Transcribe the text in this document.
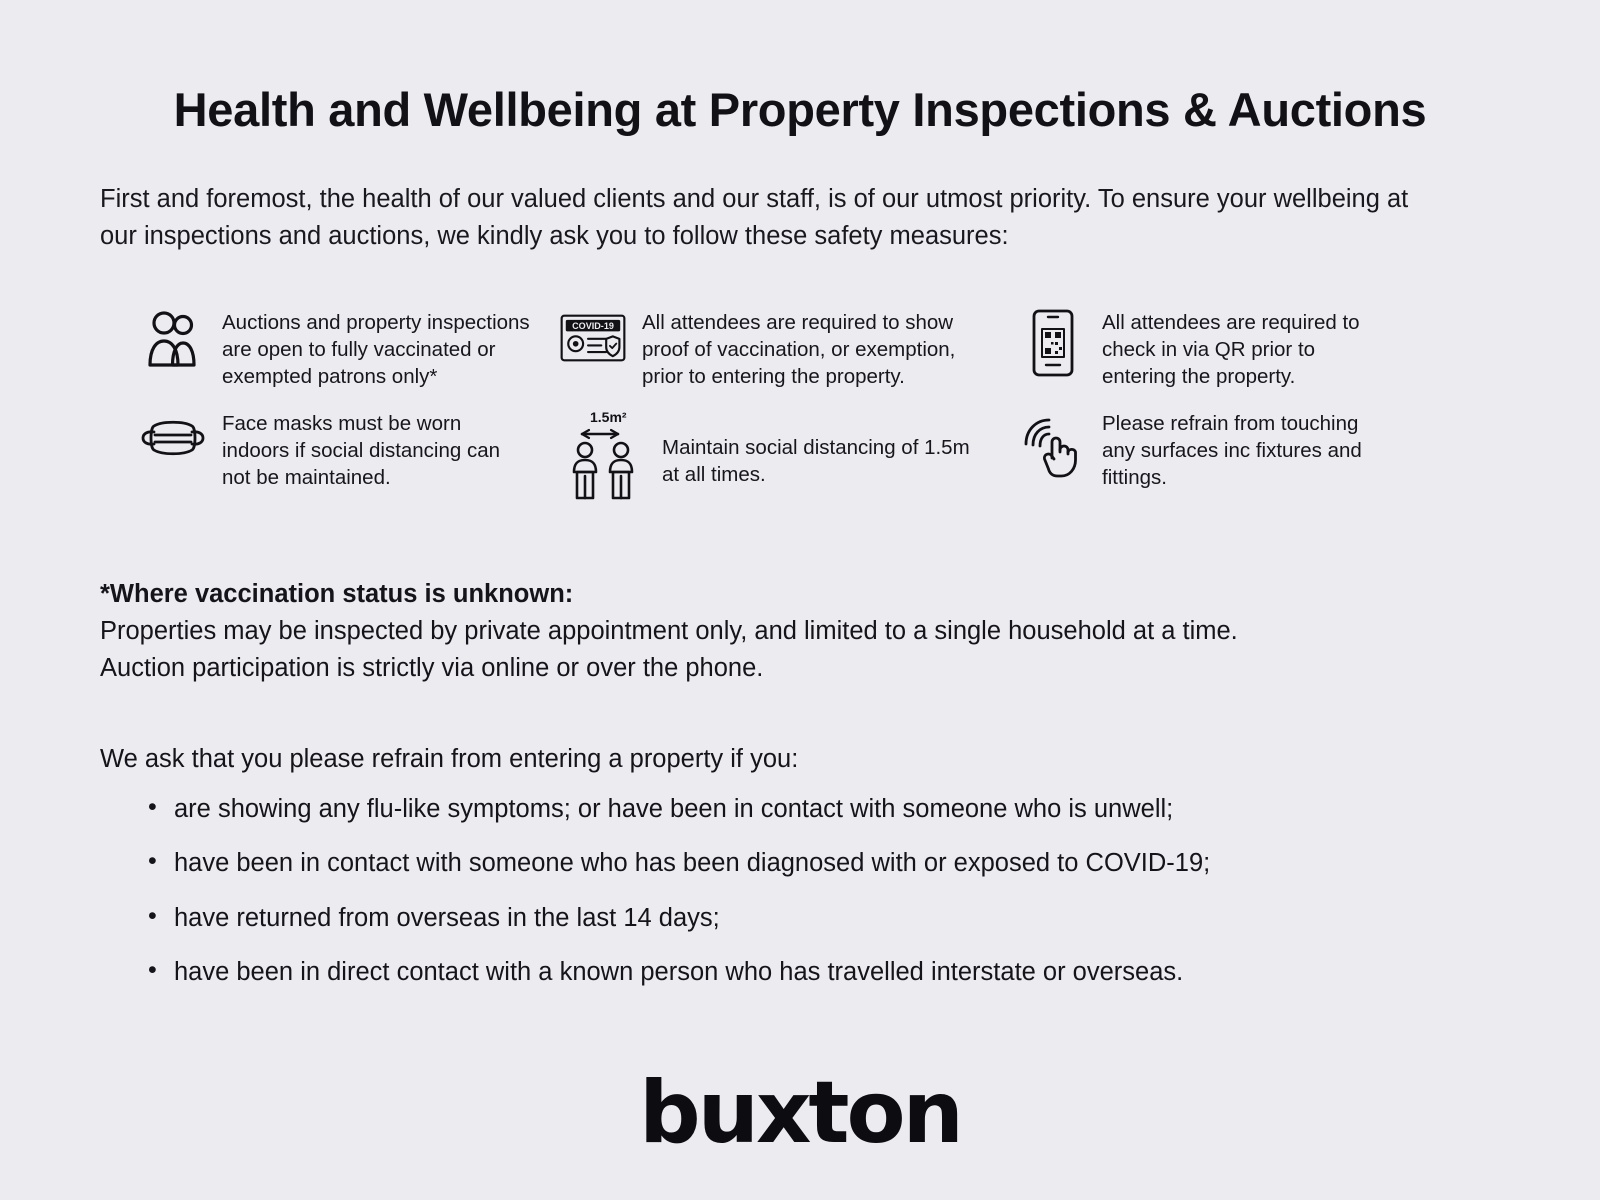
Health and Wellbeing at Property Inspections & Auctions

First and foremost, the health of our valued clients and our staff, is of our utmost priority. To ensure your wellbeing at our inspections and auctions, we kindly ask you to follow these safety measures:

Auctions and property inspections are open to fully vaccinated or exempted patrons only*
COVID-19 All attendees are required to show proof of vaccination, or exemption, prior to entering the property.
All attendees are required to check in via QR prior to entering the property.
Face masks must be worn indoors if social distancing can not be maintained.
1.5m²
Maintain social distancing of 1.5m at all times.
Please refrain from touching any surfaces inc fixtures and fittings.

*Where vaccination status is unknown:

Properties may be inspected by private appointment only, and limited to a single household at a time.

Auction participation is strictly via online or over the phone.

We ask that you please refrain from entering a property if you:

• are showing any flu-like symptoms; or have been in contact with someone who is unwell;
• have been in contact with someone who has been diagnosed with or exposed to COVID-19;
• have returned from overseas in the last 14 days;
• have been in direct contact with a known person who has travelled interstate or overseas.
buxton
